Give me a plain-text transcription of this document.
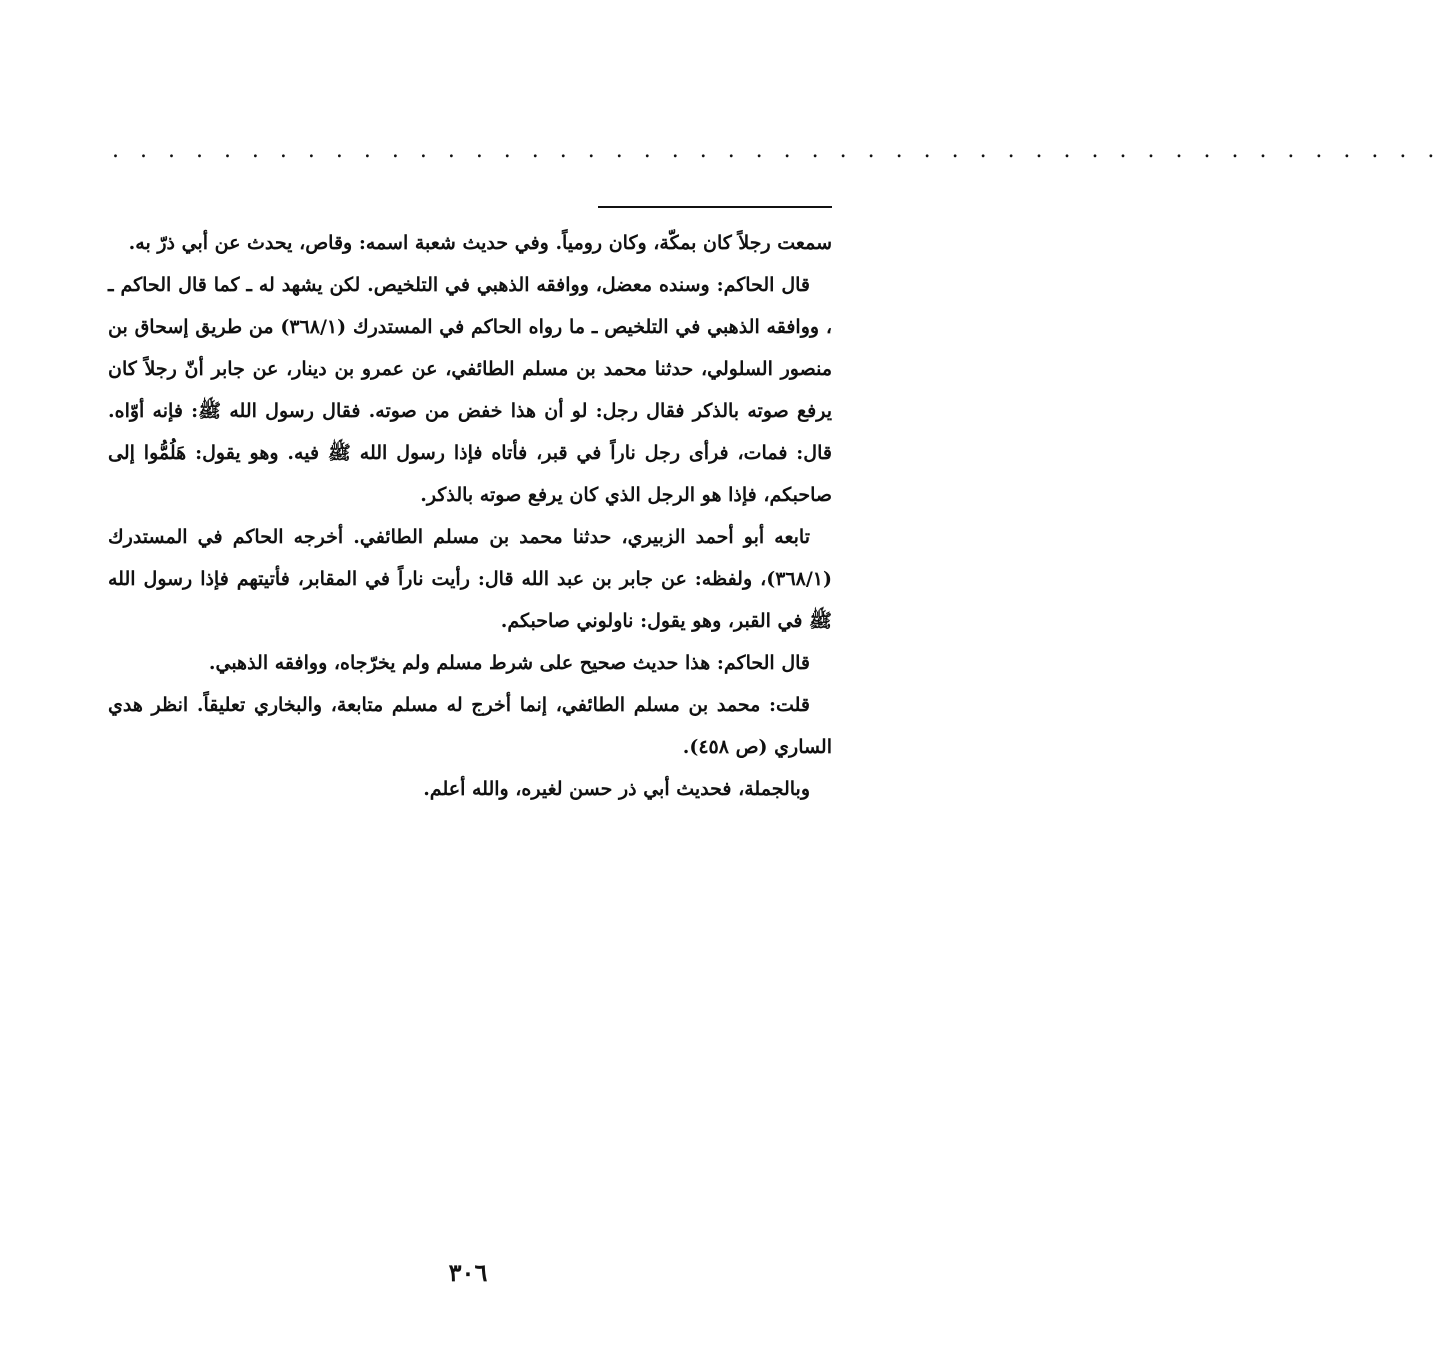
. . . . . . . . . . . . . . . . . . . . . . . . . . . . . . . . . . . . . . . . . . . . . . . .

سمعت رجلاً كان بمكّة، وكان رومياً. وفي حديث شعبة اسمه: وقاص، يحدث عن أبي ذرّ به.

قال الحاكم: وسنده معضل، ووافقه الذهبي في التلخيص. لكن يشهد له ـ كما قال الحاكم ـ ، ووافقه الذهبي في التلخيص ـ ما رواه الحاكم في المستدرك (٣٦٨/١) من طريق إسحاق بن منصور السلولي، حدثنا محمد بن مسلم الطائفي، عن عمرو بن دينار، عن جابر أنّ رجلاً كان يرفع صوته بالذكر فقال رجل: لو أن هذا خفض من صوته. فقال رسول الله ﷺ: فإنه أوّاه. قال: فمات، فرأى رجل ناراً في قبر، فأتاه فإذا رسول الله ﷺ فيه. وهو يقول: هَلُمُّوا إلى صاحبكم، فإذا هو الرجل الذي كان يرفع صوته بالذكر.

تابعه أبو أحمد الزبيري، حدثنا محمد بن مسلم الطائفي. أخرجه الحاكم في المستدرك (٣٦٨/١)، ولفظه: عن جابر بن عبد الله قال: رأيت ناراً في المقابر، فأتيتهم فإذا رسول الله ﷺ في القبر، وهو يقول: ناولوني صاحبكم.

قال الحاكم: هذا حديث صحيح على شرط مسلم ولم يخرّجاه، ووافقه الذهبي.

قلت: محمد بن مسلم الطائفي، إنما أخرج له مسلم متابعة، والبخاري تعليقاً. انظر هدي الساري (ص ٤٥٨).

وبالجملة، فحديث أبي ذر حسن لغيره، والله أعلم.

٣٠٦
